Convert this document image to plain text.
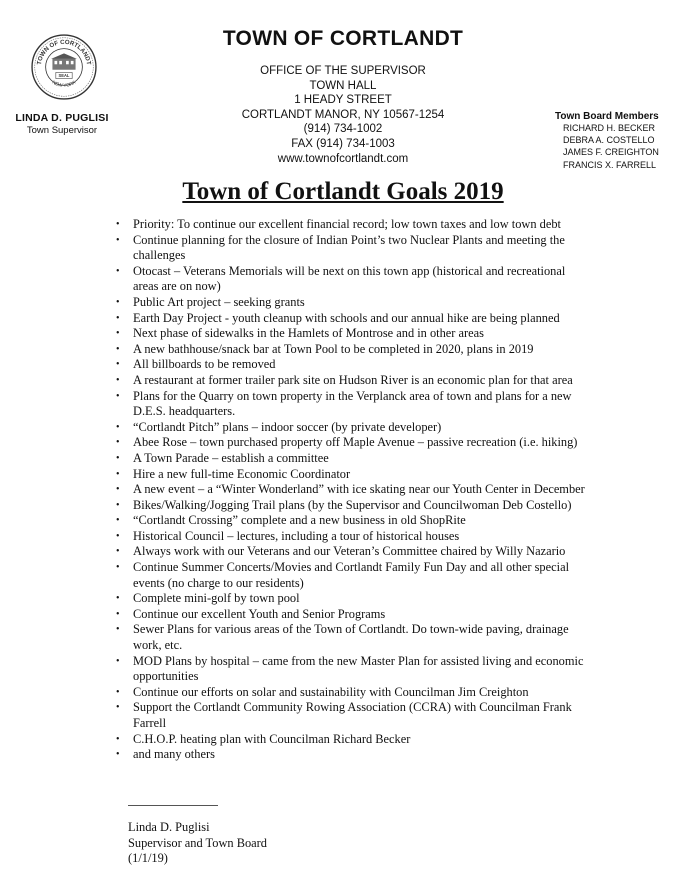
TOWN OF CORTLANDT
NEW YORK
SEAL
LINDA D. PUGLISI
Town Supervisor
TOWN OF CORTLANDT
OFFICE OF THE SUPERVISOR
TOWN HALL
1 HEADY STREET
CORTLANDT MANOR, NY 10567-1254
(914) 734-1002
FAX (914) 734-1003
www.townofcortlandt.com
Town Board Members
RICHARD H. BECKER
DEBRA A. COSTELLO
JAMES F. CREIGHTON
FRANCIS X. FARRELL
Town of Cortlandt Goals 2019
• Priority: To continue our excellent financial record; low town taxes and low town debt
• Continue planning for the closure of Indian Point’s two Nuclear Plants and meeting the challenges
• Otocast – Veterans Memorials will be next on this town app (historical and recreational areas are on now)
• Public Art project – seeking grants
• Earth Day Project - youth cleanup with schools and our annual hike are being planned
• Next phase of sidewalks in the Hamlets of Montrose and in other areas
• A new bathhouse/snack bar at Town Pool to be completed in 2020, plans in 2019
• All billboards to be removed
• A restaurant at former trailer park site on Hudson River is an economic plan for that area
• Plans for the Quarry on town property in the Verplanck area of town and plans for a new D.E.S. headquarters.
• “Cortlandt Pitch” plans – indoor soccer (by private developer)
• Abee Rose – town purchased property off Maple Avenue – passive recreation (i.e. hiking)
• A Town Parade – establish a committee
• Hire a new full-time Economic Coordinator
• A new event – a “Winter Wonderland” with ice skating near our Youth Center in December
• Bikes/Walking/Jogging Trail plans (by the Supervisor and Councilwoman Deb Costello)
• “Cortlandt Crossing” complete and a new business in old ShopRite
• Historical Council – lectures, including a tour of historical houses
• Always work with our Veterans and our Veteran’s Committee chaired by Willy Nazario
• Continue Summer Concerts/Movies and Cortlandt Family Fun Day and all other special events (no charge to our residents)
• Complete mini-golf by town pool
• Continue our excellent Youth and Senior Programs
• Sewer Plans for various areas of the Town of Cortlandt. Do town-wide paving, drainage work, etc.
• MOD Plans by hospital – came from the new Master Plan for assisted living and economic opportunities
• Continue our efforts on solar and sustainability with Councilman Jim Creighton
• Support the Cortlandt Community Rowing Association (CCRA) with Councilman Frank Farrell
• C.H.O.P. heating plan with Councilman Richard Becker
• and many others
Linda D. Puglisi
Supervisor and Town Board
(1/1/19)
